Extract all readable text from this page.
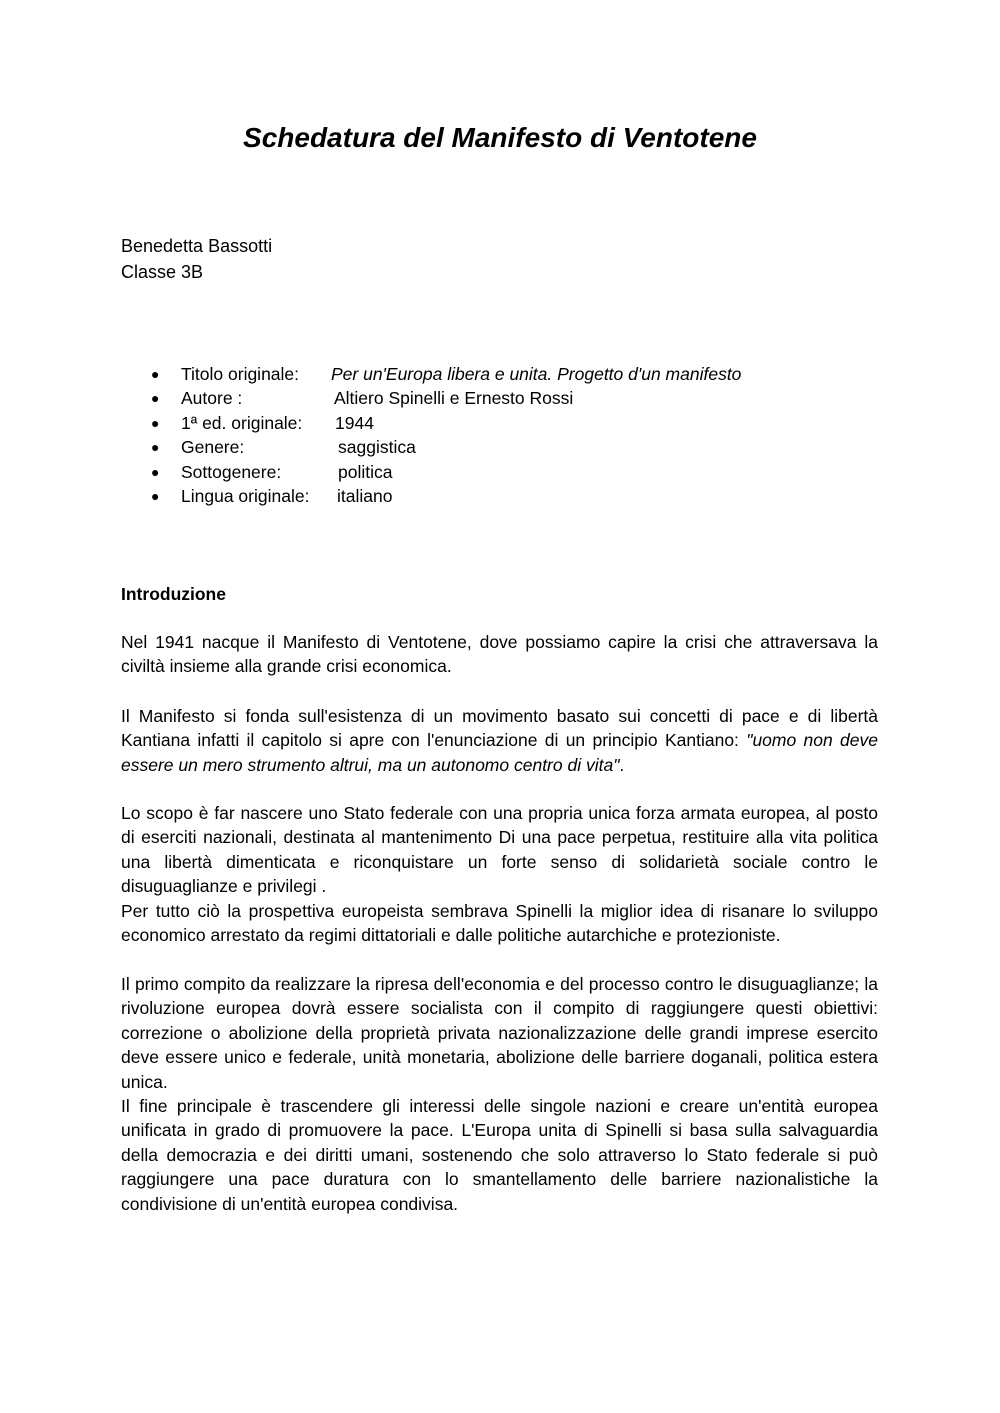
Schedatura del Manifesto di Ventotene
Benedetta Bassotti
Classe 3B
● Titolo originale: Per un'Europa libera e unita. Progetto d'un manifesto
● Autore :	Altiero Spinelli e Ernesto Rossi
● 1ª ed. originale: 1944
● Genere:	saggistica
● Sottogenere:	politica
● Lingua originale: italiano
Introduzione

Nel 1941 nacque il Manifesto di Ventotene, dove possiamo capire la crisi che attraversava la civiltà insieme alla grande crisi economica.

Il Manifesto si fonda sull'esistenza di un movimento basato sui concetti di pace e di libertà Kantiana infatti il capitolo si apre con l'enunciazione di un principio Kantiano: "uomo non deve essere un mero strumento altrui, ma un autonomo centro di vita".

Lo scopo è far nascere uno Stato federale con una propria unica forza armata europea, al posto di eserciti nazionali, destinata al mantenimento Di una pace perpetua, restituire alla vita politica una libertà dimenticata e riconquistare un forte senso di solidarietà sociale contro le disuguaglianze e privilegi .

Per tutto ciò la prospettiva europeista sembrava Spinelli la miglior idea di risanare lo sviluppo economico arrestato da regimi dittatoriali e dalle politiche autarchiche e protezioniste.

Il primo compito da realizzare la ripresa dell'economia e del processo contro le disuguaglianze; la rivoluzione europea dovrà essere socialista con il compito di raggiungere questi obiettivi: correzione o abolizione della proprietà privata nazionalizzazione delle grandi imprese esercito deve essere unico e federale, unità monetaria, abolizione delle barriere doganali, politica estera unica.

Il fine principale è trascendere gli interessi delle singole nazioni e creare un'entità europea unificata in grado di promuovere la pace. L'Europa unita di Spinelli si basa sulla salvaguardia della democrazia e dei diritti umani, sostenendo che solo attraverso lo Stato federale si può raggiungere una pace duratura con lo smantellamento delle barriere nazionalistiche la condivisione di un'entità europea condivisa.
